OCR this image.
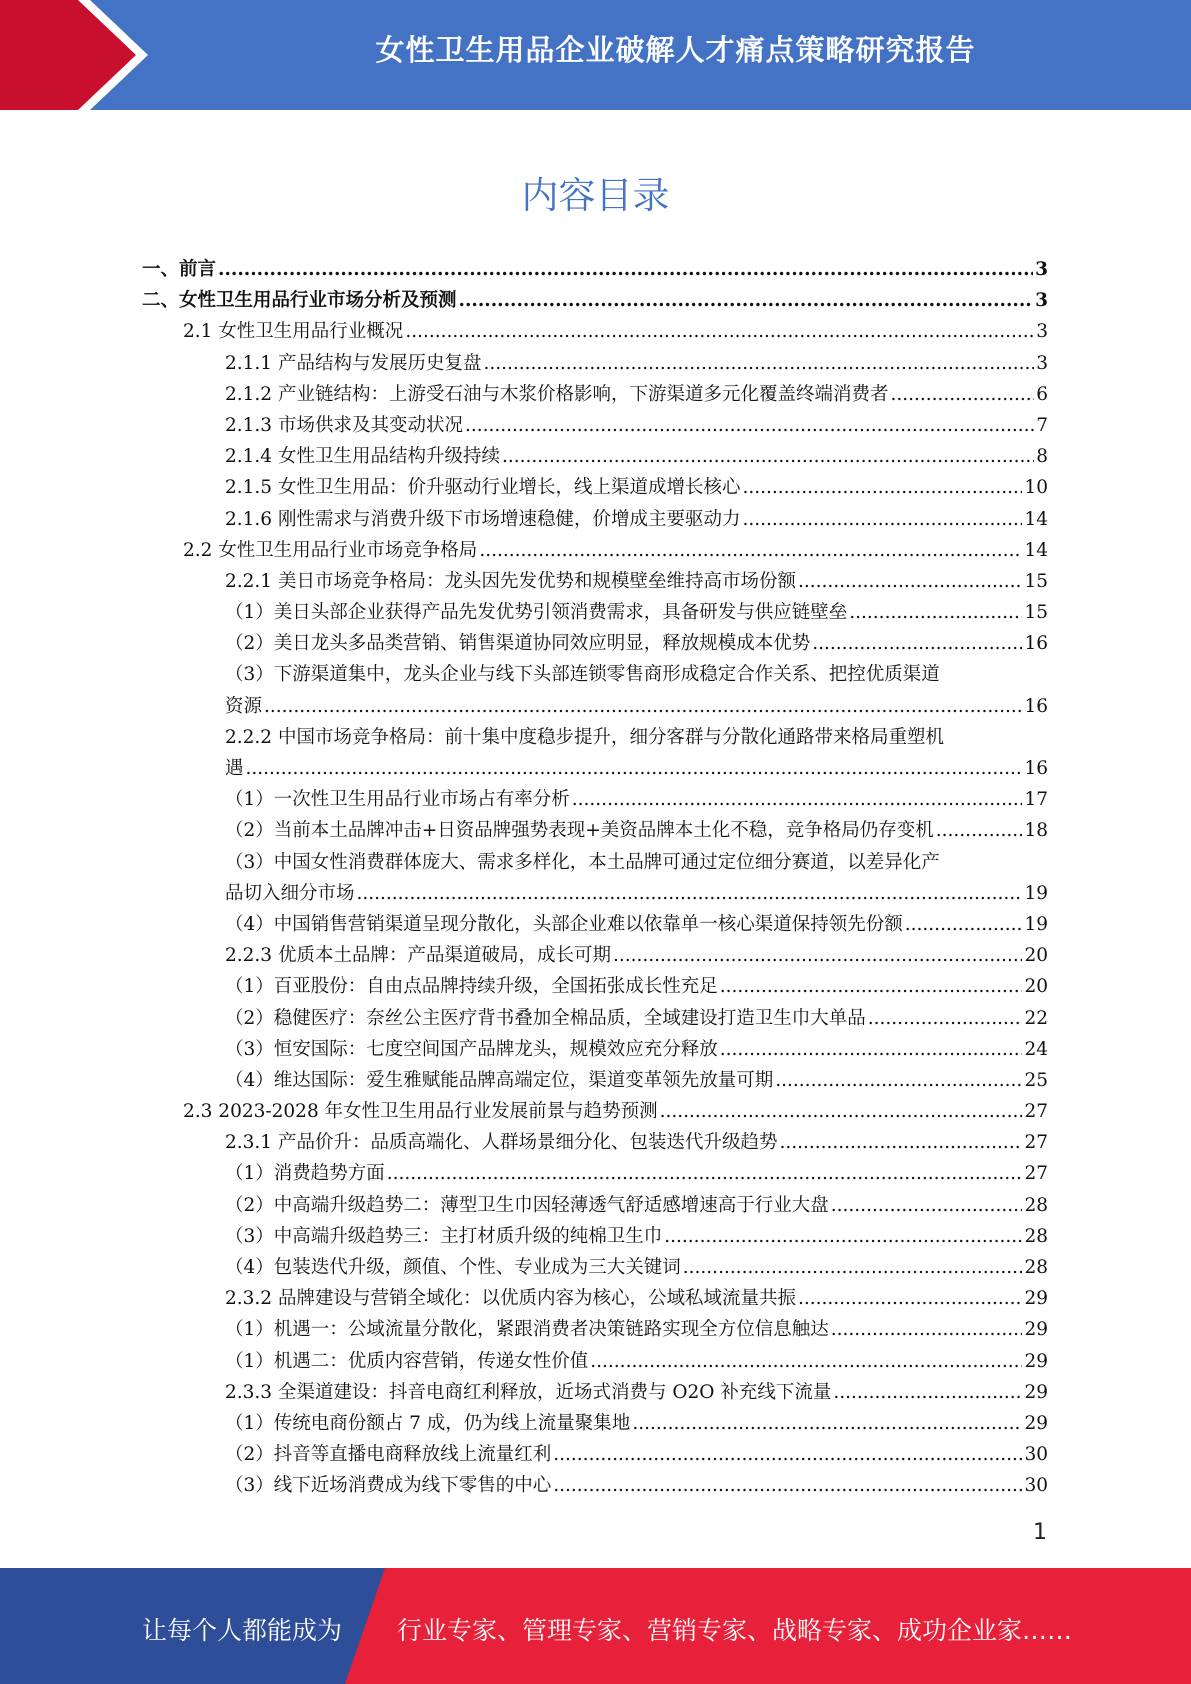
女性卫生用品企业破解人才痛点策略研究报告
内容目录
一、前言 .....	3
二、女性卫生用品行业市场分析及预测 .....	3
2.1 女性卫生用品行业概况 .....	3
2.1.1 产品结构与发展历史复盘 .....	3
2.1.2 产业链结构：上游受石油与木浆价格影响，下游渠道多元化覆盖终端消费者 .....	6
2.1.3 市场供求及其变动状况 .....	7
2.1.4 女性卫生用品结构升级持续 .....	8
2.1.5 女性卫生用品：价升驱动行业增长，线上渠道成增长核心 .....	10
2.1.6 刚性需求与消费升级下市场增速稳健，价增成主要驱动力 .....	14
2.2 女性卫生用品行业市场竞争格局 .....	14
2.2.1 美日市场竞争格局：龙头因先发优势和规模壁垒维持高市场份额 .....	15
（1）美日头部企业获得产品先发优势引领消费需求，具备研发与供应链壁垒 .....	15
（2）美日龙头多品类营销、销售渠道协同效应明显，释放规模成本优势 .....	16
（3）下游渠道集中，龙头企业与线下头部连锁零售商形成稳定合作关系、把控优质渠道
资源 .....	16
2.2.2 中国市场竞争格局：前十集中度稳步提升，细分客群与分散化通路带来格局重塑机
遇 .....	16
（1）一次性卫生用品行业市场占有率分析 .....	17
（2）当前本土品牌冲击+日资品牌强势表现+美资品牌本土化不稳，竞争格局仍存变机 .....	18
（3）中国女性消费群体庞大、需求多样化，本土品牌可通过定位细分赛道，以差异化产
品切入细分市场 .....	19
（4）中国销售营销渠道呈现分散化，头部企业难以依靠单一核心渠道保持领先份额 .....	19
2.2.3 优质本土品牌：产品渠道破局，成长可期 .....	20
（1）百亚股份：自由点品牌持续升级，全国拓张成长性充足 .....	20
（2）稳健医疗：奈丝公主医疗背书叠加全棉品质，全域建设打造卫生巾大单品 .....	22
（3）恒安国际：七度空间国产品牌龙头，规模效应充分释放 .....	24
（4）维达国际：爱生雅赋能品牌高端定位，渠道变革领先放量可期 .....	25
2.3 2023-2028 年女性卫生用品行业发展前景与趋势预测 .....	27
2.3.1 产品价升：品质高端化、人群场景细分化、包装迭代升级趋势 .....	27
（1）消费趋势方面 .....	27
（2）中高端升级趋势二：薄型卫生巾因轻薄透气舒适感增速高于行业大盘 .....	28
（3）中高端升级趋势三：主打材质升级的纯棉卫生巾 .....	28
（4）包装迭代升级，颜值、个性、专业成为三大关键词 .....	28
2.3.2 品牌建设与营销全域化：以优质内容为核心，公域私域流量共振 .....	29
（1）机遇一：公域流量分散化，紧跟消费者决策链路实现全方位信息触达 .....	29
（1）机遇二：优质内容营销，传递女性价值 .....	29
2.3.3 全渠道建设：抖音电商红利释放，近场式消费与 O2O 补充线下流量 .....	29
（1）传统电商份额占 7 成，仍为线上流量聚集地 .....	29
（2）抖音等直播电商释放线上流量红利 .....	30
（3）线下近场消费成为线下零售的中心 .....	30
1
让每个人都能成为 行业专家、管理专家、营销专家、战略专家、成功企业家……
